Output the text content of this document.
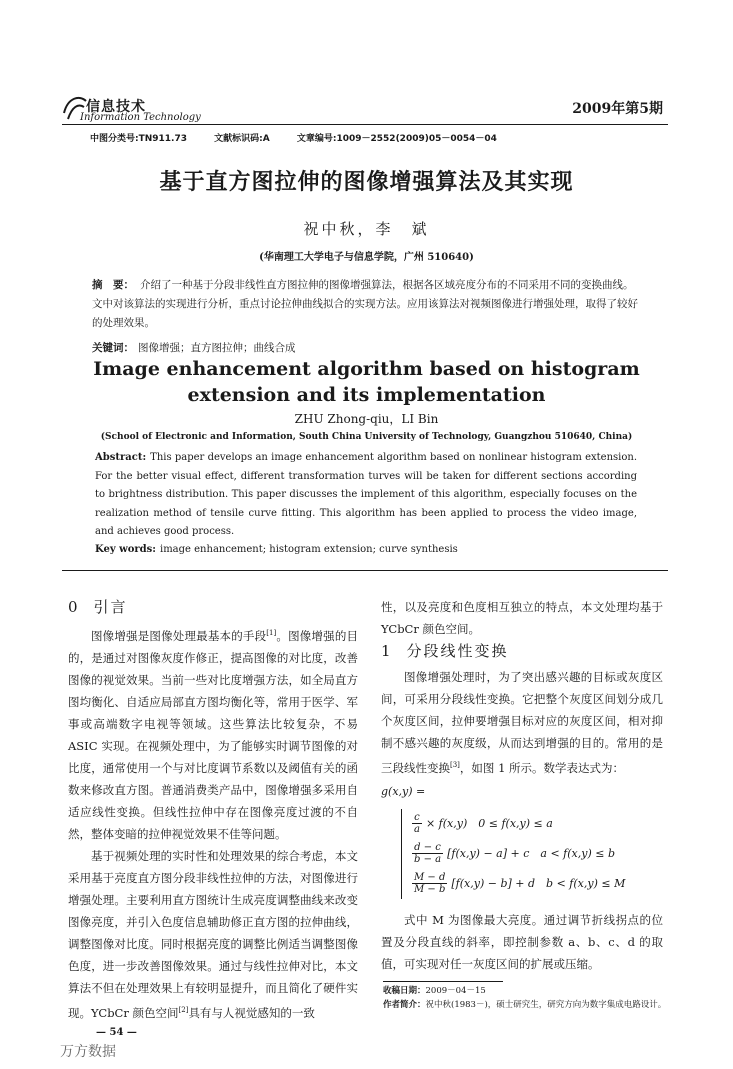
信息技术
Information Technology
2009年第5期
中图分类号:TN911.73	文献标识码:A	文章编号:1009－2552(2009)05－0054－04
基于直方图拉伸的图像增强算法及其实现
祝中秋，李　斌
(华南理工大学电子与信息学院，广州 510640)
摘　要： 介绍了一种基于分段非线性直方图拉伸的图像增强算法，根据各区域亮度分布的不同采用不同的变换曲线。文中对该算法的实现进行分析，重点讨论拉伸曲线拟合的实现方法。应用该算法对视频图像进行增强处理，取得了较好的处理效果。
关键词： 图像增强；直方图拉伸；曲线合成
Image enhancement algorithm based on histogram
extension and its implementation
ZHU Zhong-qiu，LI Bin
(School of Electronic and Information, South China University of Technology, Guangzhou 510640, China)
Abstract: This paper develops an image enhancement algorithm based on nonlinear histogram extension. For the better visual effect, different transformation turves will be taken for different sections according to brightness distribution. This paper discusses the implement of this algorithm, especially focuses on the realization method of tensile curve fitting. This algorithm has been applied to process the video image, and achieves good process.
Key words: image enhancement; histogram extension; curve synthesis
0 引言

图像增强是图像处理最基本的手段[1]。图像增强的目的，是通过对图像灰度作修正，提高图像的对比度，改善图像的视觉效果。当前一些对比度增强方法，如全局直方图均衡化、自适应局部直方图均衡化等，常用于医学、军事或高端数字电视等领域。这些算法比较复杂，不易 ASIC 实现。在视频处理中，为了能够实时调节图像的对比度，通常使用一个与对比度调节系数以及阈值有关的函数来修改直方图。普通消费类产品中，图像增强多采用自适应线性变换。但线性拉伸中存在图像亮度过渡的不自然，整体变暗的拉伸视觉效果不佳等问题。

基于视频处理的实时性和处理效果的综合考虑，本文采用基于亮度直方图分段非线性拉伸的方法，对图像进行增强处理。主要利用直方图统计生成亮度调整曲线来改变图像亮度，并引入色度信息辅助修正直方图的拉伸曲线，调整图像对比度。同时根据亮度的调整比例适当调整图像色度，进一步改善图像效果。通过与线性拉伸对比，本文算法不但在处理效果上有较明显提升，而且简化了硬件实现。YCbCr 颜色空间[2]具有与人视觉感知的一致

性，以及亮度和色度相互独立的特点，本文处理均基于 YCbCr 颜色空间。

1 分段线性变换

图像增强处理时，为了突出感兴趣的目标或灰度区间，可采用分段线性变换。它把整个灰度区间划分成几个灰度区间，拉伸要增强目标对应的灰度区间，相对抑制不感兴趣的灰度级，从而达到增强的目的。常用的是三段线性变换[3]，如图 1 所示。数学表达式为：

g(x,y) =
$\frac{c}{a} \times f(x,y)$　0 ≤ f(x,y) ≤ a
$\frac{d - c}{b - a} [f(x,y) - a] + c$　a < f(x,y) ≤ b
$\frac{M - d}{M - b} [f(x,y) - b] + d$　b < f(x,y) ≤ M

式中 M 为图像最大亮度。通过调节折线拐点的位置及分段直线的斜率，即控制参数 a、b、c、d 的取值，可实现对任一灰度区间的扩展或压缩。

收稿日期：2009－04－15
作者简介：祝中秋(1983－)，硕士研究生，研究方向为数字集成电路设计。
— 54 —
万方数据
